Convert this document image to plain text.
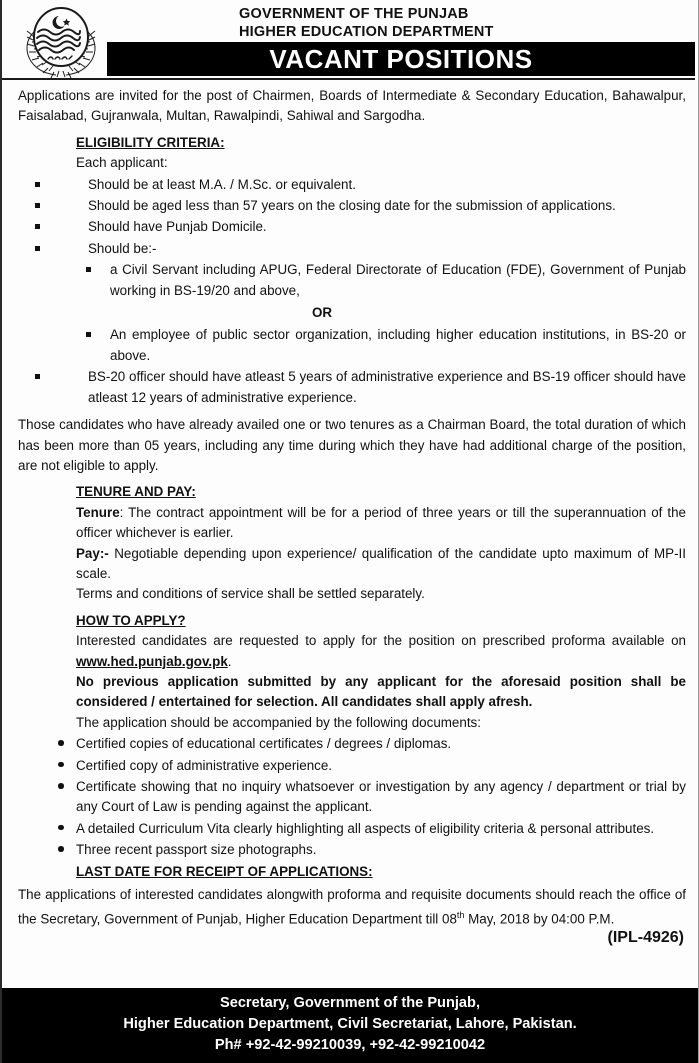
GOVERNMENT OF THE PUNJAB
HIGHER EDUCATION DEPARTMENT
VACANT POSITIONS

Applications are invited for the post of Chairmen, Boards of Intermediate & Secondary Education, Bahawalpur, Faisalabad, Gujranwala, Multan, Rawalpindi, Sahiwal and Sargodha.

ELIGIBILITY CRITERIA:

Each applicant:

Should be at least M.A. / M.Sc. or equivalent.
Should be aged less than 57 years on the closing date for the submission of applications.
Should have Punjab Domicile.
Should be:-
a Civil Servant including APUG, Federal Directorate of Education (FDE), Government of Punjab working in BS-19/20 and above,

OR

An employee of public sector organization, including higher education institutions, in BS-20 or above.
BS-20 officer should have atleast 5 years of administrative experience and BS-19 officer should have atleast 12 years of administrative experience.

Those candidates who have already availed one or two tenures as a Chairman Board, the total duration of which has been more than 05 years, including any time during which they have had additional charge of the position, are not eligible to apply.

TENURE AND PAY:

Tenure: The contract appointment will be for a period of three years or till the superannuation of the officer whichever is earlier.

Pay:- Negotiable depending upon experience/ qualification of the candidate upto maximum of MP-II scale.

Terms and conditions of service shall be settled separately.

HOW TO APPLY?

Interested candidates are requested to apply for the position on prescribed proforma available on www.hed.punjab.gov.pk.

No previous application submitted by any applicant for the aforesaid position shall be considered / entertained for selection. All candidates shall apply afresh.

The application should be accompanied by the following documents:

Certified copies of educational certificates / degrees / diplomas.
Certified copy of administrative experience.
Certificate showing that no inquiry whatsoever or investigation by any agency / department or trial by any Court of Law is pending against the applicant.
A detailed Curriculum Vita clearly highlighting all aspects of eligibility criteria & personal attributes.
Three recent passport size photographs.

LAST DATE FOR RECEIPT OF APPLICATIONS:

The applications of interested candidates alongwith proforma and requisite documents should reach the office of the Secretary, Government of Punjab, Higher Education Department till 08th May, 2018 by 04:00 P.M.

(IPL-4926)

Secretary, Government of the Punjab,
Higher Education Department, Civil Secretariat, Lahore, Pakistan.
Ph# +92-42-99210039, +92-42-99210042
